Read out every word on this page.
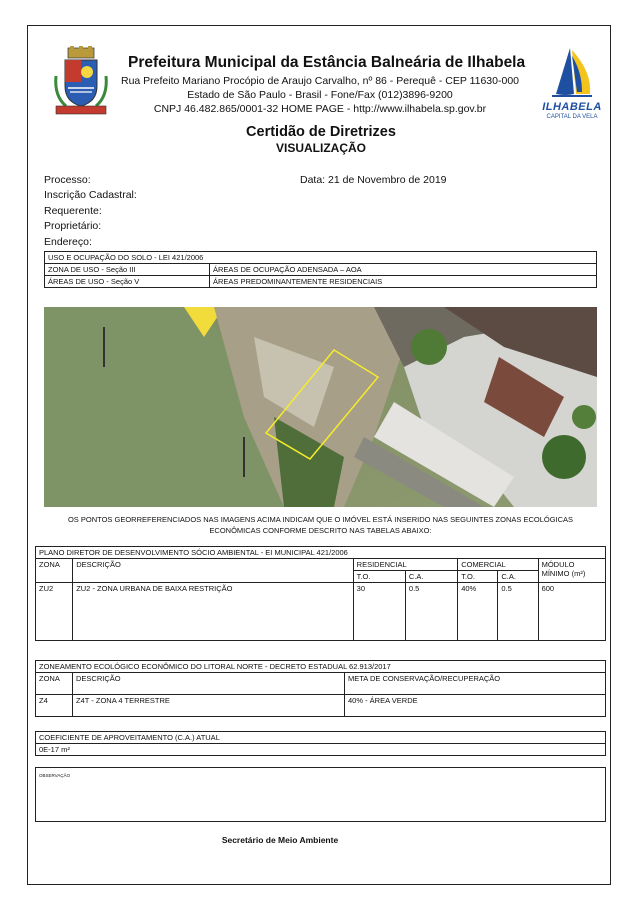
Prefeitura Municipal da Estância Balneária de Ilhabela
Rua Prefeito Mariano Procópio de Araujo Carvalho, nº 86 - Perequê - CEP 11630-000
Estado de São Paulo - Brasil - Fone/Fax (012)3896-9200
CNPJ 46.482.865/0001-32 HOME PAGE - http://www.ilhabela.sp.gov.br	ILHABELA
CAPITAL DA VELA
Certidão de Diretrizes
VISUALIZAÇÃO
Processo:	Data: 21 de Novembro de 2019
Inscrição Cadastral:
Requerente:
Proprietário:
Endereço:
USO E OCUPAÇÃO DO SOLO - LEI 421/2006	
ZONA DE USO - Seção III	ÁREAS DE OCUPAÇÃO ADENSADA – AOA
ÁREAS DE USO - Seção V	ÁREAS PREDOMINANTEMENTE RESIDENCIAIS
OS PONTOS GEORREFERENCIADOS NAS IMAGENS ACIMA INDICAM QUE O IMÓVEL ESTÁ INSERIDO NAS SEGUINTES ZONAS ECOLÓGICAS
ECONÔMICAS CONFORME DESCRITO NAS TABELAS ABAIXO:
PLANO DIRETOR DE DESENVOLVIMENTO SÓCIO AMBIENTAL - EI MUNICIPAL 421/2006						
ZONA	DESCRIÇÃO	RESIDENCIAL		COMERCIAL		MÓDULO
MÍNIMO (m²)
		T.O.	C.A.	T.O.	C.A.	
ZU2	ZU2 - ZONA URBANA DE BAIXA RESTRIÇÃO	30	0.5	40%	0.5	600
ZONEAMENTO ECOLÓGICO ECONÔMICO DO LITORAL NORTE - DECRETO ESTADUAL 62.913/2017		
ZONA	DESCRIÇÃO	META DE CONSERVAÇÃO/RECUPERAÇÃO
Z4	Z4T - ZONA 4 TERRESTRE	40% - ÁREA VERDE
COEFICIENTE DE APROVEITAMENTO (C.A.) ATUAL
0E-17 m²
OBSERVAÇÃO
Secretário de Meio Ambiente
